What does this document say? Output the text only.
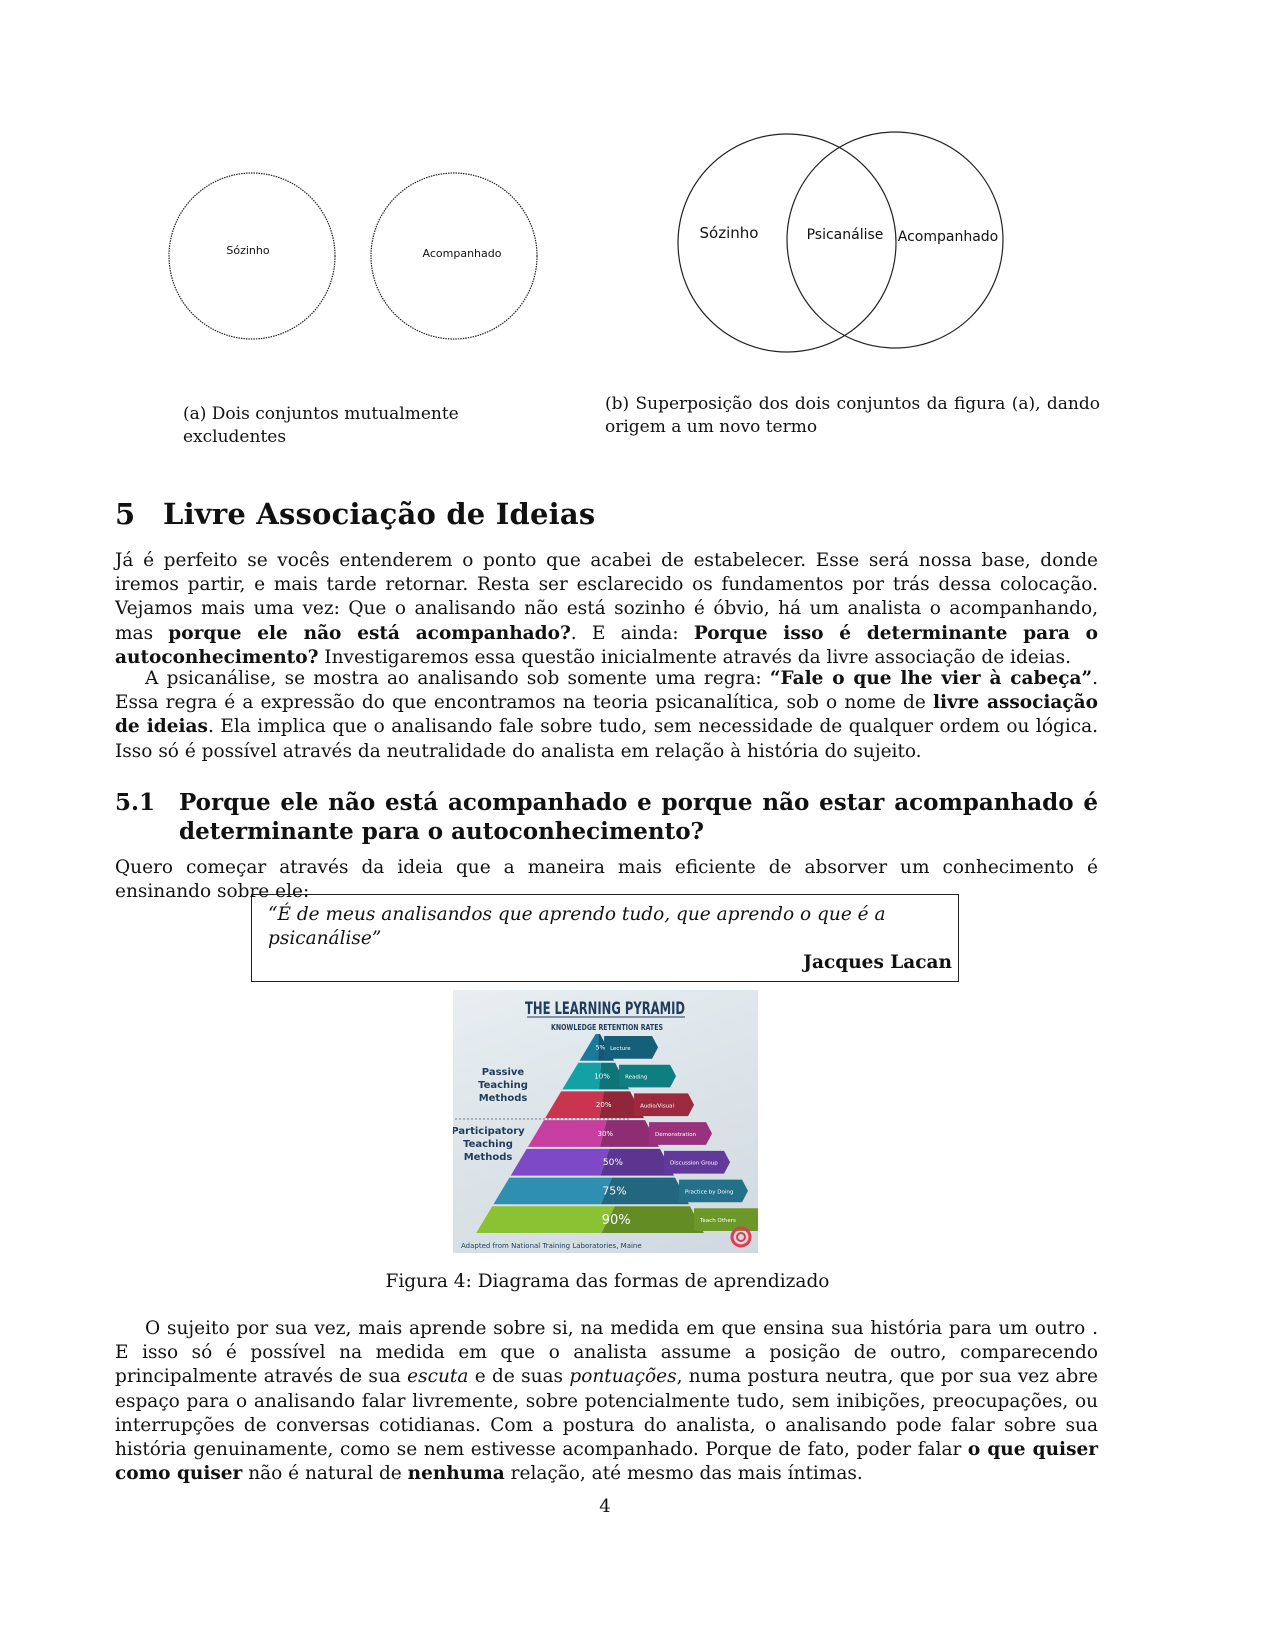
Sózinho	Acompanhado
(a) Dois conjuntos mutualmente excludentes
Sózinho	Psicanálise Acompanhado
(b) Superposição dos dois conjuntos da figura (a), dando origem a um novo termo
5 Livre Associação de Ideias

Já é perfeito se vocês entenderem o ponto que acabei de estabelecer. Esse será nossa base, donde iremos partir, e mais tarde retornar. Resta ser esclarecido os fundamentos por trás dessa colocação. Vejamos mais uma vez: Que o analisando não está sozinho é óbvio, há um analista o acompanhando, mas porque ele não está acompanhado?. E ainda: Porque isso é determinante para o autoconhecimento? Investigaremos essa questão inicialmente através da livre associação de ideias.

A psicanálise, se mostra ao analisando sob somente uma regra: “Fale o que lhe vier à cabeça”. Essa regra é a expressão do que encontramos na teoria psicanalítica, sob o nome de livre associação de ideias. Ela implica que o analisando fale sobre tudo, sem necessidade de qualquer ordem ou lógica. Isso só é possível através da neutralidade do analista em relação à história do sujeito.

5.1	Porque ele não está acompanhado e porque não estar acompanhado é determinante para o autoconhecimento?

Quero começar através da ideia que a maneira mais eficiente de absorver um conhecimento é ensinando sobre ele:

“É de meus analisandos que aprendo tudo, que aprendo o que é a psicanálise”
Jacques Lacan
THE LEARNING PYRAMID
KNOWLEDGE RETENTION RATES
Passive
Teaching
Methods
Participatory
Teaching
Methods
Lecture
5%
Reading
10%
Audio/Visual
20%
Demonstration
30%
Discussion Group
50%
Practice by Doing
75%
Teach Others
90%
Adapted from National Training Laboratories, Maine
Figura 4: Diagrama das formas de aprendizado

O sujeito por sua vez, mais aprende sobre si, na medida em que ensina sua história para um outro . E isso só é possível na medida em que o analista assume a posição de outro, comparecendo principalmente através de sua escuta e de suas pontuações, numa postura neutra, que por sua vez abre espaço para o analisando falar livremente, sobre potencialmente tudo, sem inibições, preocupações, ou interrupções de conversas cotidianas. Com a postura do analista, o analisando pode falar sobre sua história genuinamente, como se nem estivesse acompanhado. Porque de fato, poder falar o que quiser como quiser não é natural de nenhuma relação, até mesmo das mais íntimas.

4
